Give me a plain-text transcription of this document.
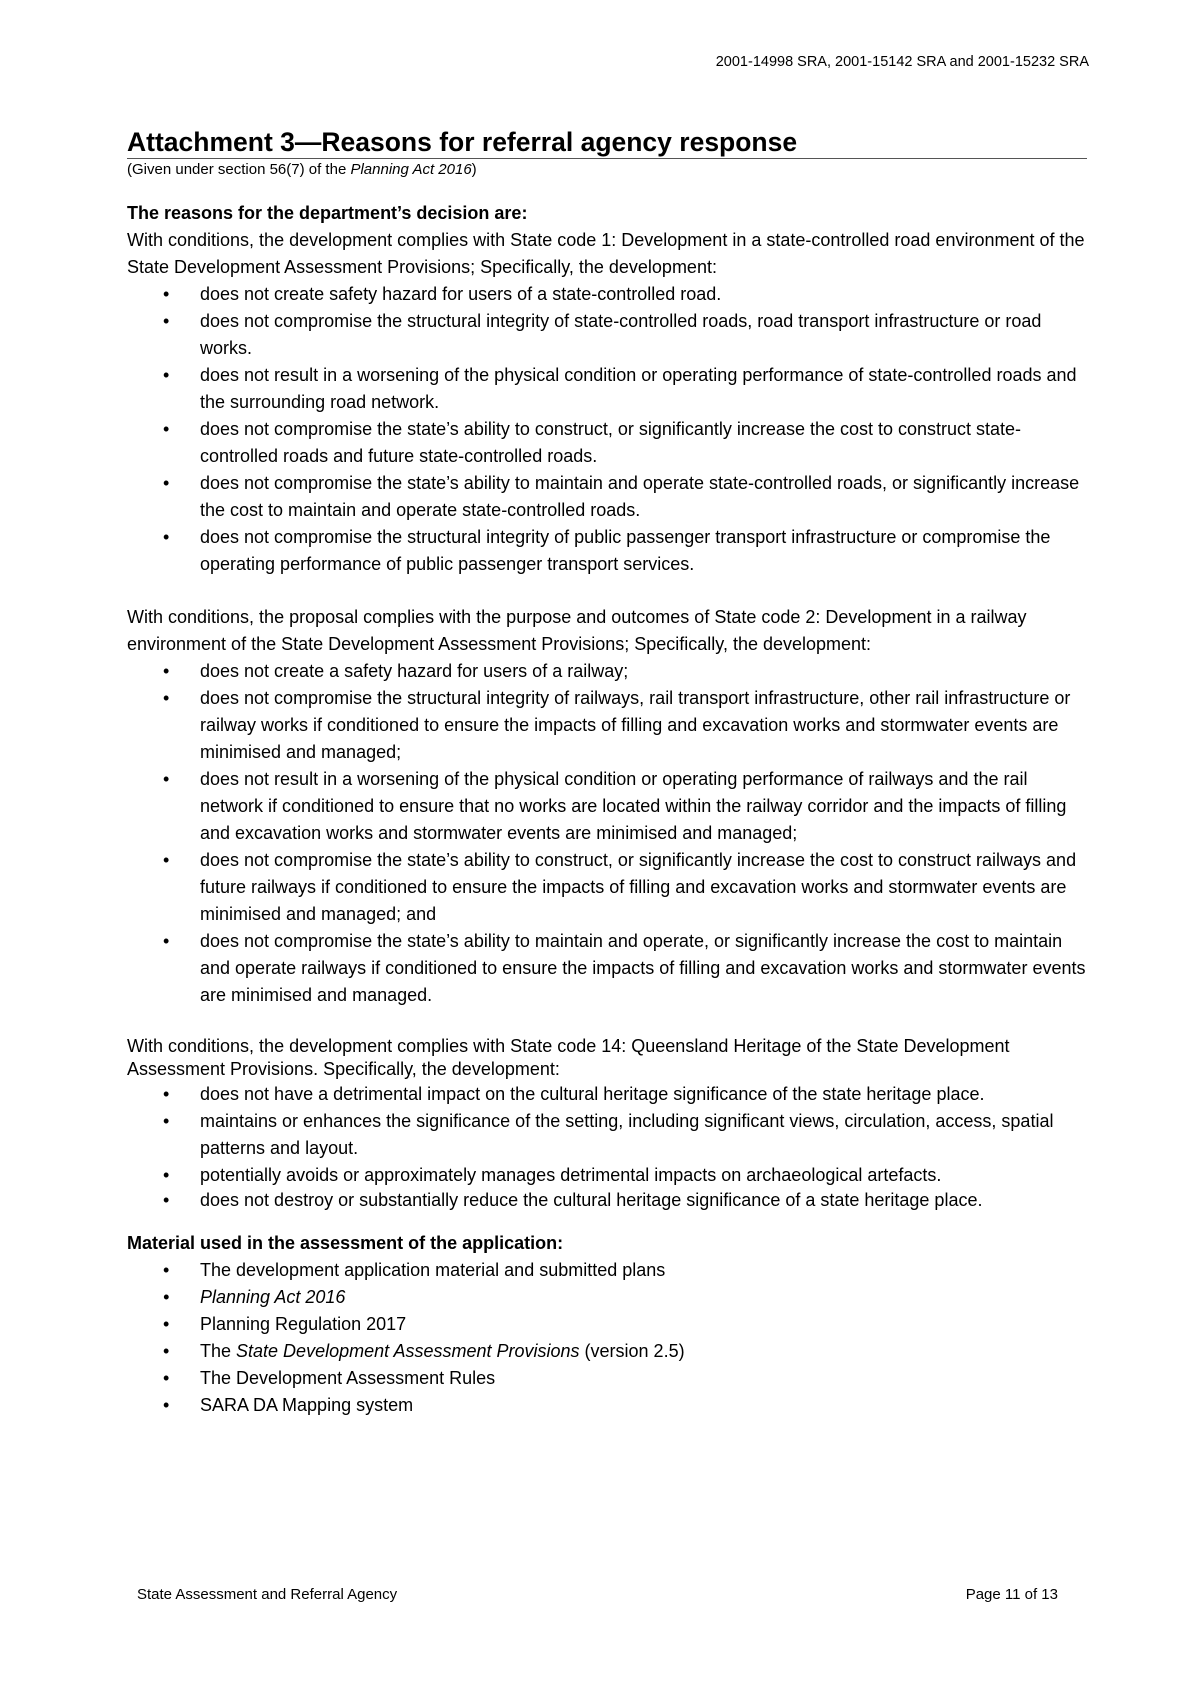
2001-14998 SRA, 2001-15142 SRA and 2001-15232 SRA
Attachment 3—Reasons for referral agency response
(Given under section 56(7) of the Planning Act 2016)
The reasons for the department’s decision are:

With conditions, the development complies with State code 1: Development in a state-controlled road environment of the State Development Assessment Provisions; Specifically, the development:

• does not create safety hazard for users of a state-controlled road.
• does not compromise the structural integrity of state-controlled roads, road transport infrastructure or road works.
• does not result in a worsening of the physical condition or operating performance of state-controlled roads and the surrounding road network.
• does not compromise the state’s ability to construct, or significantly increase the cost to construct state-controlled roads and future state-controlled roads.
• does not compromise the state’s ability to maintain and operate state-controlled roads, or significantly increase the cost to maintain and operate state-controlled roads.
• does not compromise the structural integrity of public passenger transport infrastructure or compromise the operating performance of public passenger transport services.

With conditions, the proposal complies with the purpose and outcomes of State code 2: Development in a railway environment of the State Development Assessment Provisions; Specifically, the development:

• does not create a safety hazard for users of a railway;
• does not compromise the structural integrity of railways, rail transport infrastructure, other rail infrastructure or railway works if conditioned to ensure the impacts of filling and excavation works and stormwater events are minimised and managed;
• does not result in a worsening of the physical condition or operating performance of railways and the rail network if conditioned to ensure that no works are located within the railway corridor and the impacts of filling and excavation works and stormwater events are minimised and managed;
• does not compromise the state’s ability to construct, or significantly increase the cost to construct railways and future railways if conditioned to ensure the impacts of filling and excavation works and stormwater events are minimised and managed; and
• does not compromise the state’s ability to maintain and operate, or significantly increase the cost to maintain and operate railways if conditioned to ensure the impacts of filling and excavation works and stormwater events are minimised and managed.

With conditions, the development complies with State code 14: Queensland Heritage of the State Development Assessment Provisions. Specifically, the development:

• does not have a detrimental impact on the cultural heritage significance of the state heritage place.
• maintains or enhances the significance of the setting, including significant views, circulation, access, spatial patterns and layout.
• potentially avoids or approximately manages detrimental impacts on archaeological artefacts.
• does not destroy or substantially reduce the cultural heritage significance of a state heritage place.
Material used in the assessment of the application:
• The development application material and submitted plans
• Planning Act 2016
• Planning Regulation 2017
• The State Development Assessment Provisions (version 2.5)
• The Development Assessment Rules
• SARA DA Mapping system
State Assessment and Referral Agency	Page 11 of 13
